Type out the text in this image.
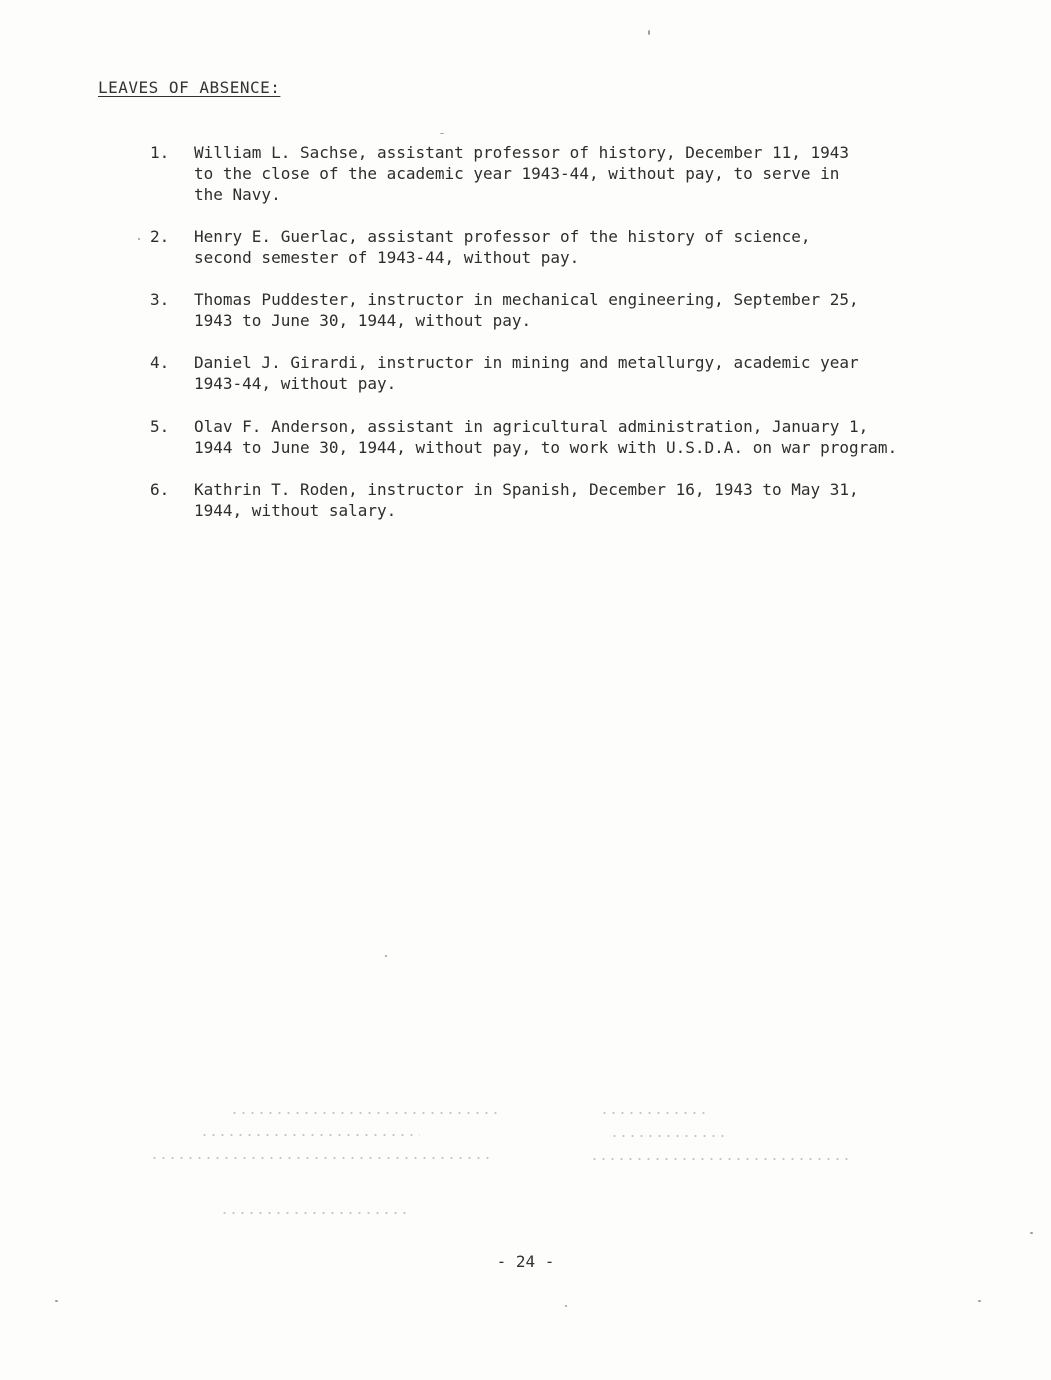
LEAVES OF ABSENCE:
1.	William L. Sachse, assistant professor of history, December 11, 1943
to the close of the academic year 1943-44, without pay, to serve in
the Navy.
2.	Henry E. Guerlac, assistant professor of the history of science,
second semester of 1943-44, without pay.
3.	Thomas Puddester, instructor in mechanical engineering, September 25,
1943 to June 30, 1944, without pay.
4.	Daniel J. Girardi, instructor in mining and metallurgy, academic year
1943-44, without pay.
5.	Olav F. Anderson, assistant in agricultural administration, January 1,
1944 to June 30, 1944, without pay, to work with U.S.D.A. on war program.
6.	Kathrin T. Roden, instructor in Spanish, December 16, 1943 to May 31,
1944, without salary.
- 24 -
